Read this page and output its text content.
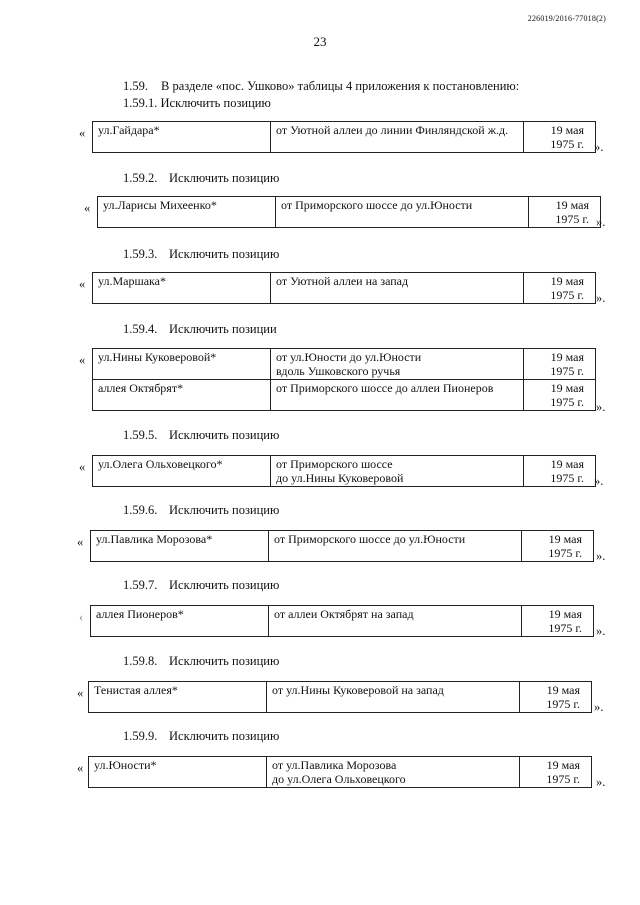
226019/2016-77018(2)
23
1.59. В разделе «пос. Ушково» таблицы 4 приложения к постановлению:
1.59.1. Исключить позицию
« ул.Гайдара*	от Уютной аллеи до линии Финляндской ж.д.	19 мая
1975 г. ».
1.59.2. Исключить позицию
« ул.Ларисы Михеенко*	от Приморского шоссе до ул.Юности	19 мая
1975 г. ».
1.59.3. Исключить позицию
« ул.Маршака*	от Уютной аллеи на запад	19 мая
1975 г. ».
1.59.4. Исключить позиции
« ул.Нины Куковеровой*	от ул.Юности до ул.Юности
вдоль Ушковского ручья	19 мая
1975 г.

аллея Октябрят*	от Приморского шоссе до аллеи Пионеров	19 мая
1975 г. ».
1.59.5. Исключить позицию
« ул.Олега Ольховецкого*	от Приморского шоссе
до ул.Нины Куковеровой	
19 мая
1975 г. ».
1.59.6. Исключить позицию
« ул.Павлика Морозова*	от Приморского шоссе до ул.Юности	19 мая
1975 г. ».
1.59.7. Исключить позицию
‹ аллея Пионеров*	от аллеи Октябрят на запад	19 мая
1975 г. ».
1.59.8. Исключить позицию
« Тенистая аллея*	от ул.Нины Куковеровой на запад	19 мая
1975 г. ».
1.59.9. Исключить позицию
« ул.Юности*	от ул.Павлика Морозова
до ул.Олега Ольховецкого	
19 мая
1975 г. ».
